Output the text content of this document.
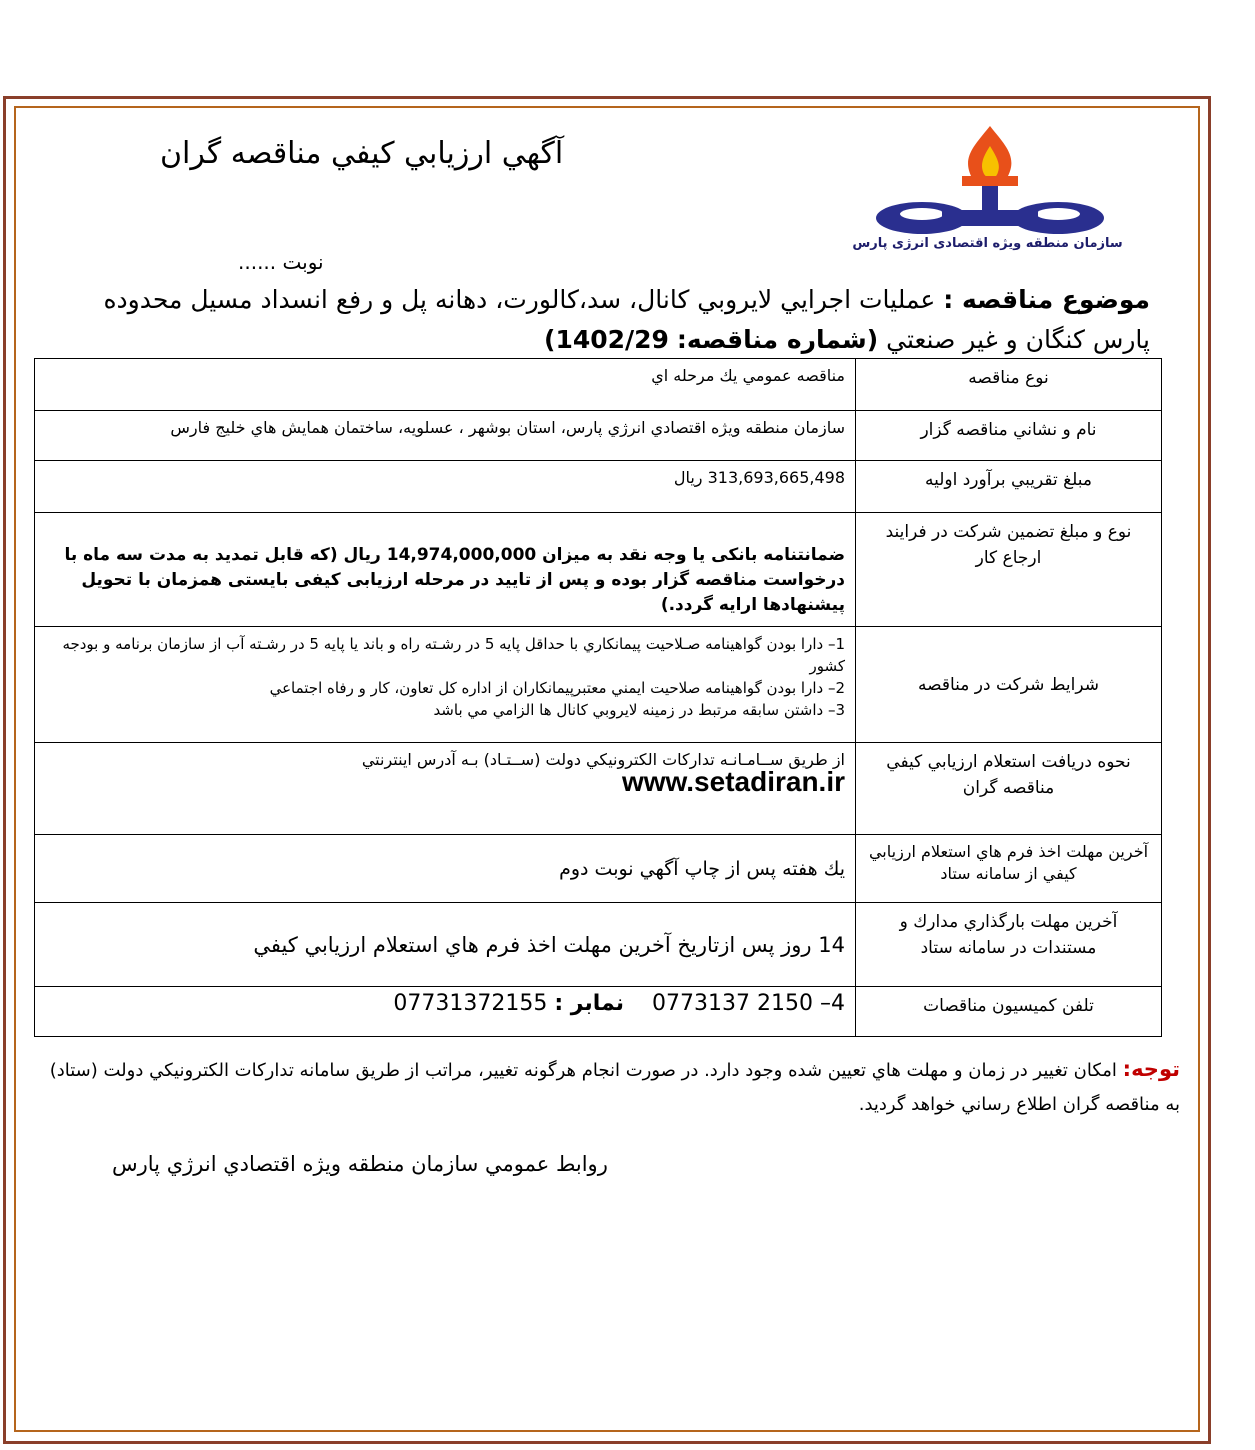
آگهي ارزيابي كيفي مناقصه گران
سازمان منطقه ویژه اقتصادی انرژی پارس
نوبت ......
موضوع مناقصه : عمليات اجرايي لايروبي كانال، سد،كالورت، دهانه پل و رفع انسداد مسيل محدوده پارس كنگان و غير صنعتي (شماره مناقصه: 1402/29)
نوع مناقصه	مناقصه عمومي يك مرحله اي
نام و نشاني مناقصه گزار	سازمان منطقه ويژه اقتصادي انرژي پارس، استان بوشهر ، عسلويه، ساختمان همايش هاي خليج فارس
مبلغ تقريبي برآورد اوليه	313,693,665,498 ريال
نوع و مبلغ تضمين شركت در فرايند ارجاع كار	ضمانتنامه بانکی یا وجه نقد به میزان 14,974,000,000 ریال (که قابل تمدید به مدت سه ماه با درخواست مناقصه گزار بوده و پس از تایید در مرحله ارزیابی کیفی بایستی همزمان با تحویل پیشنهادها ارایه گردد.)
شرايط شركت در مناقصه	1– دارا بودن گواهينامه صـلاحيت پيمانكاري با حداقل پايه 5 در رشـته راه و باند يا پايه 5 در رشـته آب از سازمان برنامه و بودجه كشور

2– دارا بودن گواهينامه صلاحيت ايمني معتبرپيمانكاران از اداره كل تعاون، كار و رفاه اجتماعي

3– داشتن سابقه مرتبط در زمينه لايروبي كانال ها الزامي مي باشد

نحوه دريافت استعلام ارزيابي كيفي مناقصه گران	از طريق ســامـانـه تداركات الكترونيكي دولت (ســتـاد) بـه آدرس اينترنتي
www.setadiran.ir

آخرين مهلت اخذ فرم هاي استعلام ارزيابي كيفي از سامانه ستاد	يك هفته پس از چاپ آگهي نوبت دوم
آخرين مهلت بارگذاري مدارك و مستندات در سامانه ستاد	14 روز پس ازتاريخ آخرين مهلت اخذ فرم هاي استعلام ارزيابي كيفي
تلفن كميسيون مناقصات	4– 2150 0773137    نمابر : 07731372155
توجه: امكان تغيير در زمان و مهلت هاي تعيين شده وجود دارد. در صورت انجام هرگونه تغيير، مراتب از طريق سامانه تداركات الكترونيكي دولت (ستاد) به مناقصه گران اطلاع رساني خواهد گرديد.
روابط عمومي سازمان منطقه ويژه اقتصادي انرژي پارس
